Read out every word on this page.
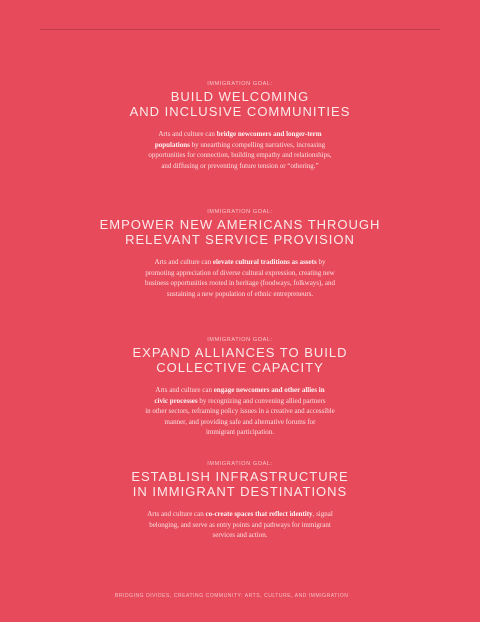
IMMIGRATION GOAL:
BUILD WELCOMING
AND INCLUSIVE COMMUNITIES
Arts and culture can bridge newcomers and longer-term
populations by unearthing compelling narratives, increasing
opportunities for connection, building empathy and relationships,
and diffusing or preventing future tension or “othering.”
IMMIGRATION GOAL:
EMPOWER NEW AMERICANS THROUGH
RELEVANT SERVICE PROVISION
Arts and culture can elevate cultural traditions as assets by
promoting appreciation of diverse cultural expression, creating new
business opportunities rooted in heritage (foodways, folkways), and
sustaining a new population of ethnic entrepreneurs.
IMMIGRATION GOAL:
EXPAND ALLIANCES TO BUILD
COLLECTIVE CAPACITY
Arts and culture can engage newcomers and other allies in
civic processes by recognizing and convening allied partners
in other sectors, reframing policy issues in a creative and accessible
manner, and providing safe and alternative forums for
immigrant participation.
IMMIGRATION GOAL:
ESTABLISH INFRASTRUCTURE
IN IMMIGRANT DESTINATIONS
Arts and culture can co-create spaces that reflect identity, signal
belonging, and serve as entry points and pathways for immigrant
services and action.
BRIDGING DIVIDES, CREATING COMMUNITY: ARTS, CULTURE, AND IMMIGRATION
